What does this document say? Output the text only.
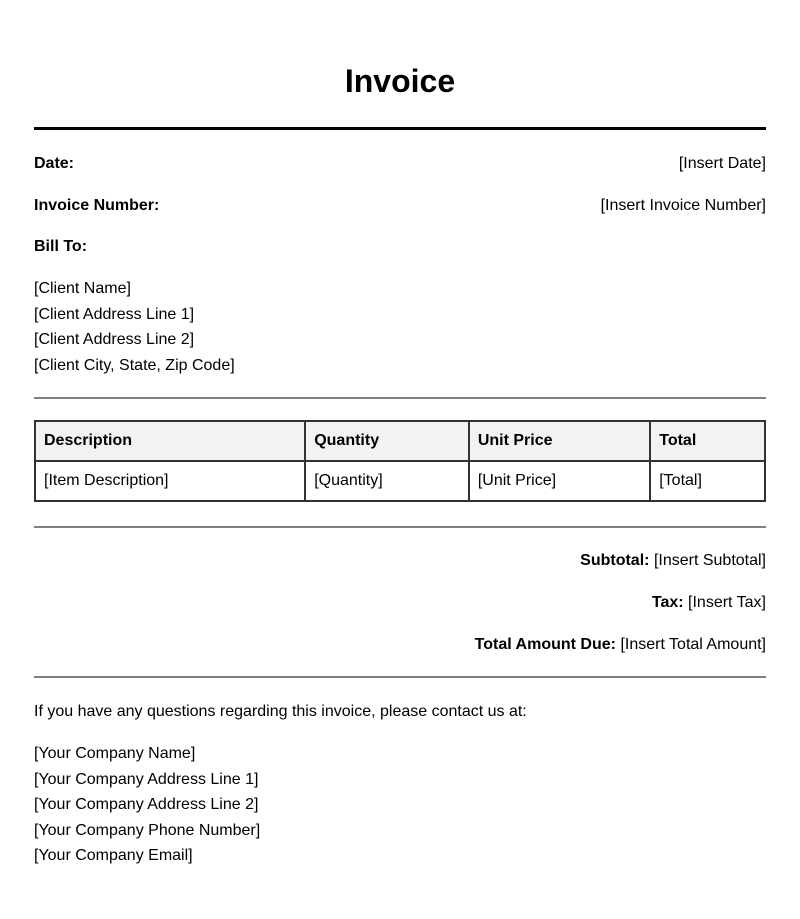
Invoice
Date:	[Insert Date]
Invoice Number:	[Insert Invoice Number]
Bill To:
[Client Name]
[Client Address Line 1]
[Client Address Line 2]
[Client City, State, Zip Code]
Description	Quantity	Unit Price	Total
[Item Description]	[Quantity]	[Unit Price]	[Total]
Subtotal: [Insert Subtotal]
Tax: [Insert Tax]
Total Amount Due: [Insert Total Amount]
If you have any questions regarding this invoice, please contact us at:
[Your Company Name]
[Your Company Address Line 1]
[Your Company Address Line 2]
[Your Company Phone Number]
[Your Company Email]
